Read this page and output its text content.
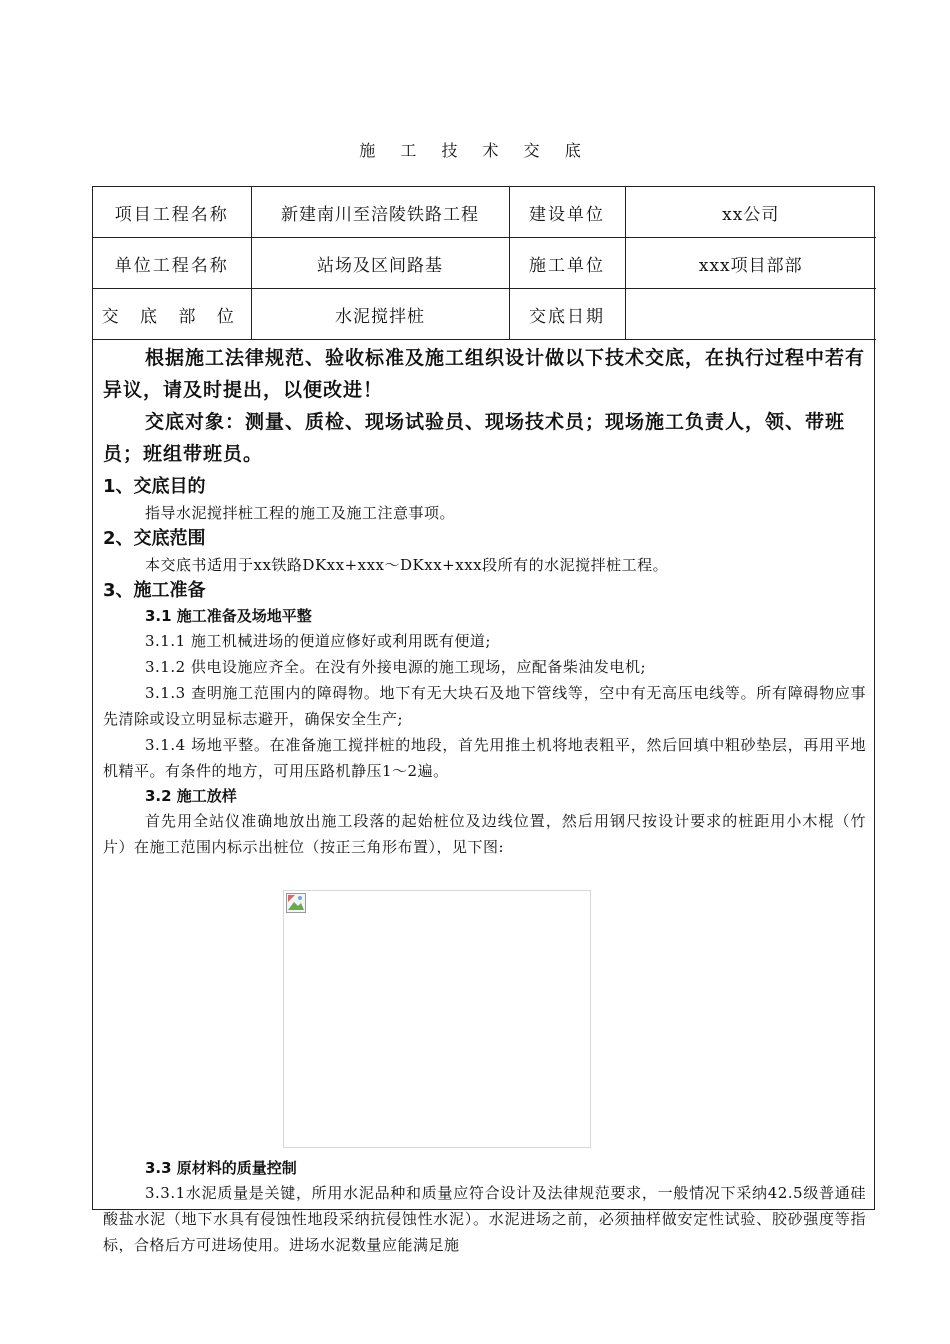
施 工 技 术 交 底
项目工程名称	新建南川至涪陵铁路工程	建设单位	xx公司
单位工程名称	站场及区间路基	施工单位	xxx项目部部
交 底 部 位	水泥搅拌桩	交底日期	

根据施工法律规范、验收标准及施工组织设计做以下技术交底，在执行过程中若有异议，请及时提出，以便改进！

交底对象：测量、质检、现场试验员、现场技术员；现场施工负责人，领、带班员；班组带班员。

1、交底目的

指导水泥搅拌桩工程的施工及施工注意事项。

2、交底范围

本交底书适用于xx铁路DKxx+xxx～DKxx+xxx段所有的水泥搅拌桩工程。

3、施工准备

3.1 施工准备及场地平整

3.1.1 施工机械进场的便道应修好或利用既有便道;

3.1.2 供电设施应齐全。在没有外接电源的施工现场，应配备柴油发电机;

3.1.3 查明施工范围内的障碍物。地下有无大块石及地下管线等，空中有无高压电线等。所有障碍物应事先清除或设立明显标志避开，确保安全生产;

3.1.4 场地平整。在准备施工搅拌桩的地段，首先用推土机将地表粗平，然后回填中粗砂垫层，再用平地机精平。有条件的地方，可用压路机静压1～2遍。

3.2 施工放样

首先用全站仪准确地放出施工段落的起始桩位及边线位置，然后用钢尺按设计要求的桩距用小木棍（竹片）在施工范围内标示出桩位（按正三角形布置），见下图:

3.3 原材料的质量控制

3.3.1水泥质量是关键，所用水泥品种和质量应符合设计及法律规范要求，一般情况下采纳42.5级普通硅酸盐水泥（地下水具有侵蚀性地段采纳抗侵蚀性水泥）。水泥进场之前，必须抽样做安定性试验、胶砂强度等指标，合格后方可进场使用。进场水泥数量应能满足施
